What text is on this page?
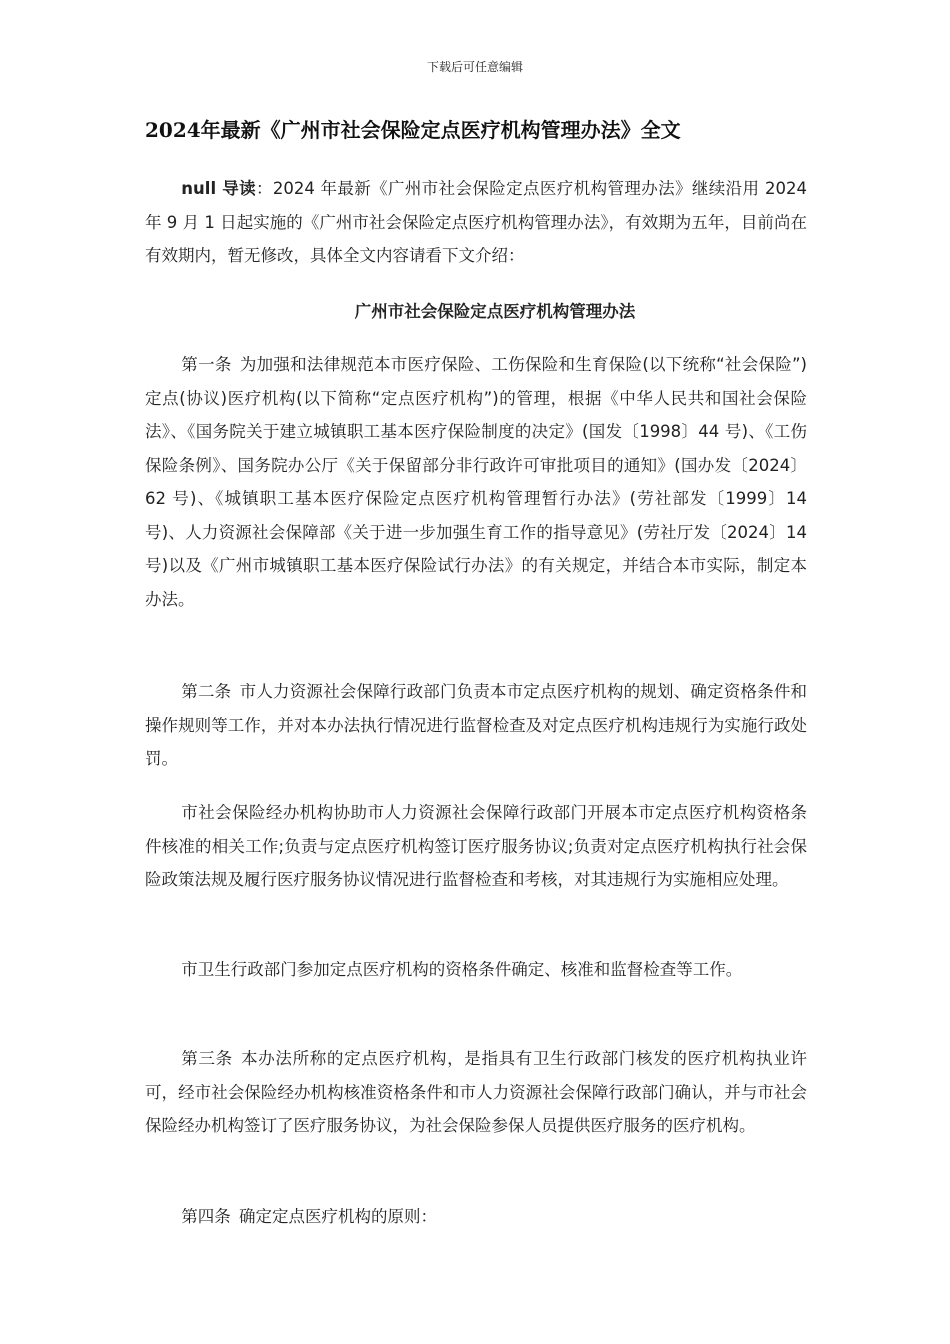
下载后可任意编辑
2024年最新《广州市社会保险定点医疗机构管理办法》全文

null 导读：2024 年最新《广州市社会保险定点医疗机构管理办法》继续沿用 2024 年 9 月 1 日起实施的《广州市社会保险定点医疗机构管理办法》，有效期为五年，目前尚在有效期内，暂无修改，具体全文内容请看下文介绍：

广州市社会保险定点医疗机构管理办法

第一条 为加强和法律规范本市医疗保险、工伤保险和生育保险(以下统称“社会保险”)定点(协议)医疗机构(以下简称“定点医疗机构”)的管理，根据《中华人民共和国社会保险法》、《国务院关于建立城镇职工基本医疗保险制度的决定》(国发〔1998〕44 号)、《工伤保险条例》、国务院办公厅《关于保留部分非行政许可审批项目的通知》(国办发〔2024〕62 号)、《城镇职工基本医疗保险定点医疗机构管理暂行办法》(劳社部发〔1999〕14 号)、人力资源社会保障部《关于进一步加强生育工作的指导意见》(劳社厅发〔2024〕14 号)以及《广州市城镇职工基本医疗保险试行办法》的有关规定，并结合本市实际，制定本办法。

第二条 市人力资源社会保障行政部门负责本市定点医疗机构的规划、确定资格条件和操作规则等工作，并对本办法执行情况进行监督检查及对定点医疗机构违规行为实施行政处罚。

市社会保险经办机构协助市人力资源社会保障行政部门开展本市定点医疗机构资格条件核准的相关工作;负责与定点医疗机构签订医疗服务协议;负责对定点医疗机构执行社会保险政策法规及履行医疗服务协议情况进行监督检查和考核，对其违规行为实施相应处理。

市卫生行政部门参加定点医疗机构的资格条件确定、核准和监督检查等工作。

第三条 本办法所称的定点医疗机构，是指具有卫生行政部门核发的医疗机构执业许可，经市社会保险经办机构核准资格条件和市人力资源社会保障行政部门确认，并与市社会保险经办机构签订了医疗服务协议，为社会保险参保人员提供医疗服务的医疗机构。

第四条 确定定点医疗机构的原则：
